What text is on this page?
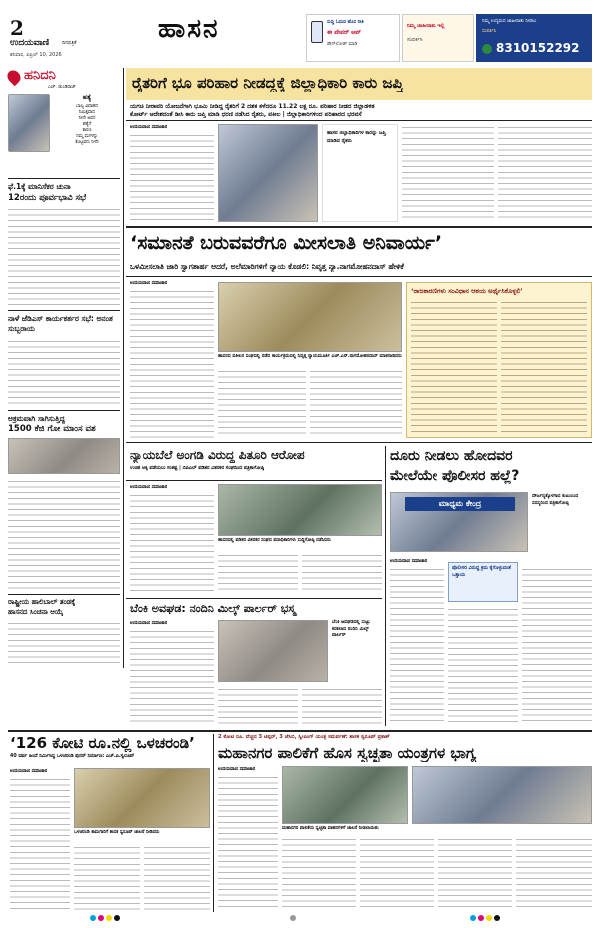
2
ಉದಯವಾಣಿ	ದಿನಪತ್ರಿಕೆ
ಶನಿವಾರ, ಏಪ್ರಿಲ್ 10, 2026
ಹಾಸನ	ಸುದ್ದಿ ಓದುವ ಹೊಸ ರೀತಿ
ಈ ಪೇಪರ್ ಆಪ್
ಡೌನ್‌ಲೋಡ್ ಮಾಡಿ
ನಿಮ್ಮ ಜಾಹೀರಾತು ಇಲ್ಲಿ
ಸಂಪರ್ಕಿಸಿ
ನಿಮ್ಮ ಉದ್ಯಮದ ಜಾಹೀರಾತು ನೀಡಲು
ಸಂಪರ್ಕಿಸಿ
8310152292
ಹನಿದನಿ
ಎಚ್. ಡುಂಡಿರಾಜ್
ಹತ್ಯೆ
ಬಾಲ್ಯ ವಿವಾಹದ
ನಿಮಿತ್ತವಾದ
ನೀನೇ ಅವನ
ಹತ್ಯೆಗೆ
ಕಾರಣ
ನಿಮ್ಮ ಮಗಳನ್ನು
ಕೊಟ್ಟವನು ನೀನೇ
ಫೆ.1ಕ್ಕೆ ಮಾನಿಸೆಕರ ಚುನಾ
12ರಂದು ಪೂರ್ವಭಾವಿ ಸಭೆ
ನಾಳೆ ಜೆಡಿಎಸ್ ಕಾರ್ಯಕರ್ತರ ಸಭೆ: ಅನಂತ ಸುಬ್ಬರಾಯ
ಅಕ್ರಮವಾಗಿ ಸಾಗಿಸುತ್ತಿದ್ದ
1500 ಕೆಜಿ ಗೋ ಮಾಂಸ ವಶ
ರಾಷ್ಟ್ರೀಯ ಹಾಲಿಬಾಲ್ ತಂಡಕ್ಕೆ
ಹಾಸನದ ಸಿಂಚನಾ ಆಯ್ಕೆ
ರೈತರಿಗೆ ಭೂ ಪರಿಹಾರ ನೀಡದ್ದಕ್ಕೆ ಜಿಲ್ಲಾಧಿಕಾರಿ ಕಾರು ಜಪ್ತಿ
ಯಗಚಿ ನೀರಾವರಿ ಯೋಜನೆಗಾಗಿ ಭೂಮಿ ನೀಡಿದ್ದ ರೈತರಿಗೆ 2 ದಶಕ ಕಳೆದರೂ 11.22 ಲಕ್ಷ ರೂ. ಪರಿಹಾರ ನೀಡದ ಜಿಲ್ಲಾಡಳಿತ
ಕೋರ್ಟ್ ಆದೇಶದಂತೆ ಡೀಸಿ ಕಾರು ಜಪ್ತಿ ಮಾಡಿ ಧರಣಿ ನಡೆಸಿದ ರೈತರು, ವಕೀಲ | ಜಿಲ್ಲಾಧಿಕಾರಿಗಳಿಂದ ಪರಿಹಾರದ ಭರವಸೆ
ಉದಯವಾಣಿ ಸಮಾಚಾರ
ಹಾಸನ ಜಿಲ್ಲಾಧಿಕಾರಿಗಳ ಕಾರನ್ನು ಜಪ್ತಿ ಮಾಡಿದ ರೈತರು
‘ಸಮಾನತೆ ಬರುವವರೆಗೂ ಮೀಸಲಾತಿ ಅನಿವಾರ್ಯ’
ಒಳಮೀಸಲಾತಿ ಜಾರಿ ಸ್ವಾಗತಾರ್ಹ ಆದರೆ, ಅಲೆಮಾರಿಗಳಿಗೆ ನ್ಯಾಯ ಕೊಡಲಿ: ನಿವೃತ್ತ ನ್ಯಾ.ನಾಗಮೋಹನದಾಸ್ ಹೇಳಿಕೆ
ಉದಯವಾಣಿ ಸಮಾಚಾರ
ಹಾಸನದ ವಕೀಲರ ಸಂಘದಲ್ಲಿ ನಡೆದ ಕಾರ್ಯಕ್ರಮದಲ್ಲಿ ನಿವೃತ್ತ ನ್ಯಾಯಮೂರ್ತಿ ಎಚ್.ಎನ್.ನಾಗಮೋಹನದಾಸ್ ಮಾತನಾಡಿದರು
‘ರಾಜಕಾರಣಿಗಳು ಸಂವಿಧಾನ ಆಶಯ ಅರ್ಥೈಸಿಕೊಳ್ಳಲಿ’
ನ್ಯಾಯಬೆಲೆ ಅಂಗಡಿ ವಿರುದ್ಧ ಪಿತೂರಿ ಆರೋಪ
ಉಚಿತ ಅಕ್ಕಿ ಪಡೆಯಲು ಸಂಕಷ್ಟ | ಬಿಪಿಎಲ್ ಪಡಿತರ ವಿತರಕರ ಸಂಘದಿಂದ ಪತ್ರಿಕಾಗೋಷ್ಠಿ
ಉದಯವಾಣಿ ಸಮಾಚಾರ
ಹಾಸನದಲ್ಲಿ ಪಡಿತರ ವಿತರಕರ ಸಂಘದ ಪದಾಧಿಕಾರಿಗಳು ಸುದ್ದಿಗೋಷ್ಠಿ ನಡೆಸಿದರು
ದೂರು ನೀಡಲು ಹೋದವರ
ಮೇಲೆಯೇ ಪೊಲೀಸರ ಹಲ್ಲೆ?
ಮಾಧ್ಯಮ ಕೇಂದ್ರ
ದೌರ್ಜನ್ಯಕ್ಕೊಳಗಾದ ಕುಟುಂಬದ ಸದಸ್ಯರಿಂದ ಪತ್ರಿಕಾಗೋಷ್ಠಿ
ಉದಯವಾಣಿ ಸಮಾಚಾರ
ಪೊಲೀಸರ ವಿರುದ್ಧ ಕ್ರಮ ಕೈಗೊಳ್ಳುವಂತೆ ಒತ್ತಾಯ
ಬೆಂಕಿ ಅವಘಡ: ನಂದಿನಿ ಮಿಲ್ಕ್ ಪಾರ್ಲರ್ ಭಸ್ಮ
ಉದಯವಾಣಿ ಸಮಾಚಾರ	ಬೆಂಕಿ ಅವಘಡದಲ್ಲಿ ಸುಟ್ಟು ಕರಕಲಾದ ನಂದಿನಿ ಮಿಲ್ಕ್ ಪಾರ್ಲರ್
‘126 ಕೋಟಿ ರೂ.ನಲ್ಲಿ ಒಳಚರಂಡಿ’
40 ವರ್ಷ ಹಿಂದೆ ನಿರ್ಮಿಸಿದ್ದ ಒಳಚರಂಡಿ ಪುನರ್ ನಿರ್ಮಾಣ: ಎಚ್.ಪಿ.ಸ್ವರೂಪ್
ಉದಯವಾಣಿ ಸಮಾಚಾರ
ಒಳಚರಂಡಿ ಕಾಮಗಾರಿಗೆ ಶಾಸಕ ಸ್ವರೂಪ್ ಚಾಲನೆ ನೀಡಿದರು
2 ಕೋಟಿ ರೂ. ವೆಚ್ಚದ 3 ಟಿಪ್ಪರ್, 3 ಜೆಸಿಬಿ, ಸ್ವೀಪಿಂಗ್ ಯಂತ್ರ ಸಮರ್ಪಣೆ: ಶಾಸಕ ಸ್ವರೂಪ್ ಪ್ರಕಾಶ್
ಮಹಾನಗರ ಪಾಲಿಕೆಗೆ ಹೊಸ ಸ್ವಚ್ಛತಾ ಯಂತ್ರಗಳ ಭಾಗ್ಯ
ಉದಯವಾಣಿ ಸಮಾಚಾರ
ಮಹಾನಗರ ಪಾಲಿಕೆಯ ಸ್ವಚ್ಛತಾ ವಾಹನಗಳಿಗೆ ಚಾಲನೆ ನೀಡಲಾಯಿತು
